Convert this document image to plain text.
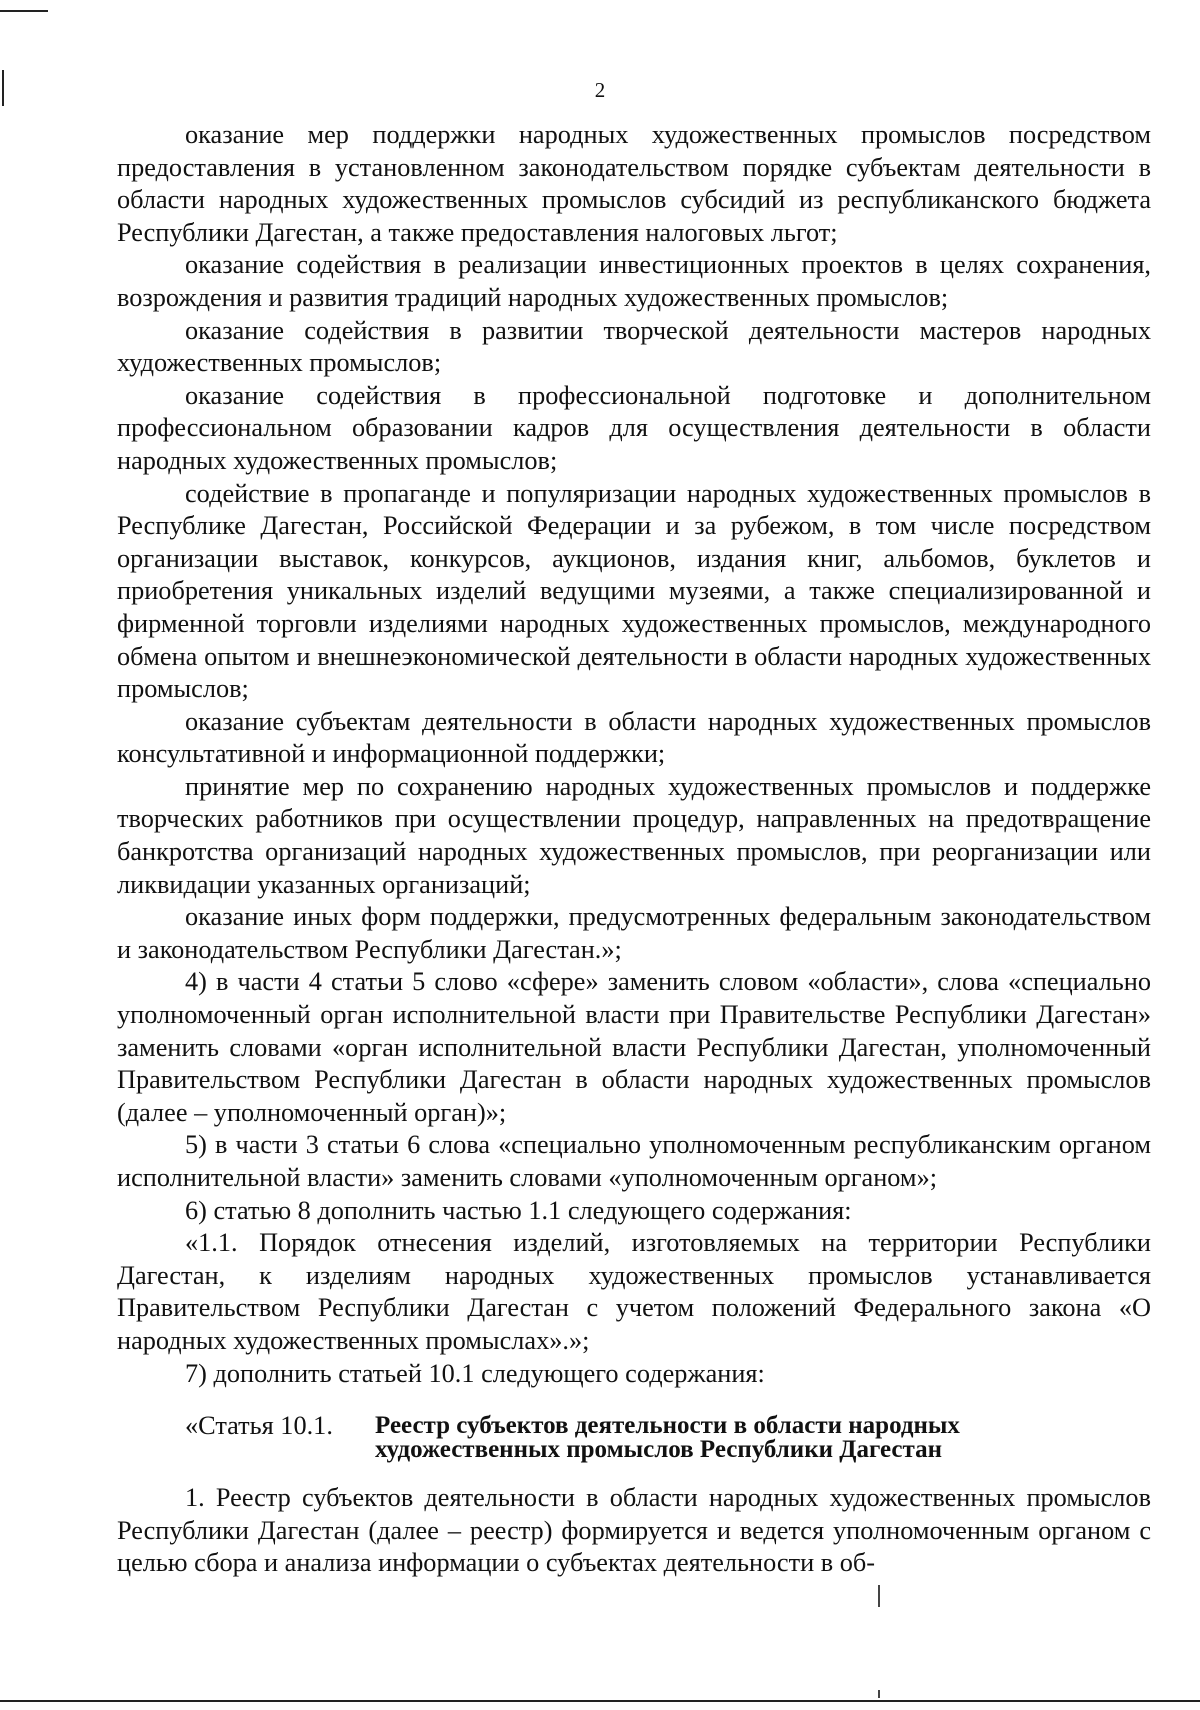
2

оказание мер поддержки народных художественных промыслов посредством предоставления в установленном законодательством порядке субъектам деятельности в области народных художественных промыслов субсидий из республиканского бюджета Республики Дагестан, а также предоставления налоговых льгот;

оказание содействия в реализации инвестиционных проектов в целях сохранения, возрождения и развития традиций народных художественных промыслов;

оказание содействия в развитии творческой деятельности мастеров народных художественных промыслов;

оказание содействия в профессиональной подготовке и дополнительном профессиональном образовании кадров для осуществления деятельности в области народных художественных промыслов;

содействие в пропаганде и популяризации народных художественных промыслов в Республике Дагестан, Российской Федерации и за рубежом, в том числе посредством организации выставок, конкурсов, аукционов, издания книг, альбомов, буклетов и приобретения уникальных изделий ведущими музеями, а также специализированной и фирменной торговли изделиями народных художественных промыслов, международного обмена опытом и внешнеэкономической деятельности в области народных художественных промыслов;

оказание субъектам деятельности в области народных художественных промыслов консультативной и информационной поддержки;

принятие мер по сохранению народных художественных промыслов и поддержке творческих работников при осуществлении процедур, направленных на предотвращение банкротства организаций народных художественных промыслов, при реорганизации или ликвидации указанных организаций;

оказание иных форм поддержки, предусмотренных федеральным законодательством и законодательством Республики Дагестан.»;

4) в части 4 статьи 5 слово «сфере» заменить словом «области», слова «специально уполномоченный орган исполнительной власти при Правительстве Республики Дагестан» заменить словами «орган исполнительной власти Республики Дагестан, уполномоченный Правительством Республики Дагестан в области народных художественных промыслов (далее – уполномоченный орган)»;

5) в части 3 статьи 6 слова «специально уполномоченным республиканским органом исполнительной власти» заменить словами «уполномоченным органом»;

6) статью 8 дополнить частью 1.1 следующего содержания:

«1.1. Порядок отнесения изделий, изготовляемых на территории Республики Дагестан, к изделиям народных художественных промыслов устанавливается Правительством Республики Дагестан с учетом положений Федерального закона «О народных художественных промыслах».»;

7) дополнить статьей 10.1 следующего содержания:

«Статья 10.1.	Реестр субъектов деятельности в области народных
художественных промыслов Республики Дагестан

1. Реестр субъектов деятельности в области народных художественных промыслов Республики Дагестан (далее – реестр) формируется и ведется уполномоченным органом с целью сбора и анализа информации о субъектах деятельности в об-
